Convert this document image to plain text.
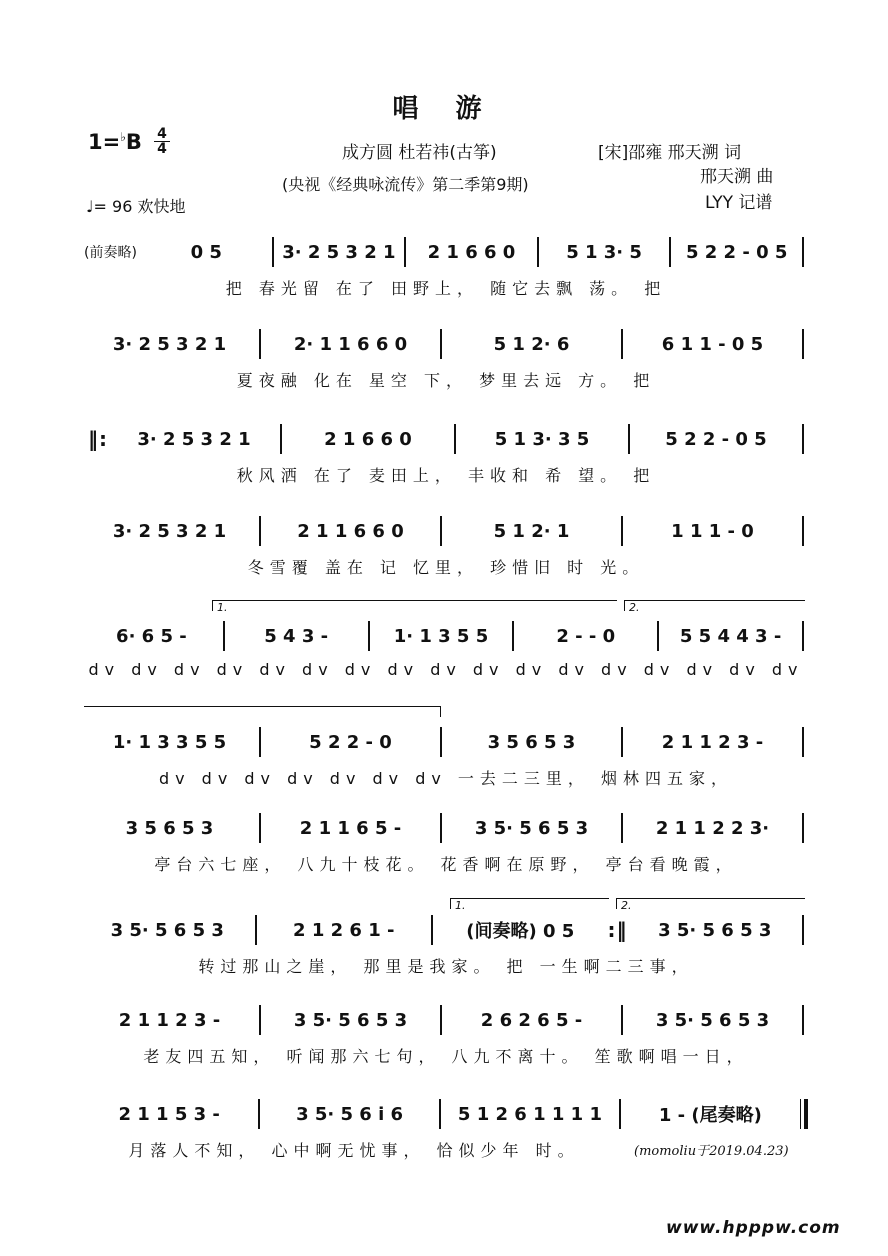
唱 游
$1=^♭B \frac{4}{4}$
♩= 96 欢快地
成方圆 杜若祎(古筝)
(央视《经典咏流传》第二季第9期)
[宋]邵雍 邢天溯 词
邢天溯 曲
LYY 记谱
(前奏略)	0 5	3· 2 5 3 2 1	2 1 6 6 0	5 1 3· 5	5 2 2 - 0 5
把 春光留 在了 田野上， 随它去飘 荡。 把
3· 2 5 3 2 1	2· 1 1 6 6 0	5 1 2· 6	6 1 1 - 0 5
夏夜融 化在 星空 下， 梦里去远 方。 把
‖:	3· 2 5 3 2 1	2 1 6 6 0	5 1 3· 3 5	5 2 2 - 0 5
秋风洒 在了 麦田上， 丰收和 希 望。 把
3· 2 5 3 2 1	2 1 1 6 6 0	5 1 2· 1	1 1 1 - 0
冬雪覆 盖在 记 忆里， 珍惜旧 时 光。
1.	2.
6· 6 5 -	5 4 3 -	1· 1 3 5 5	2 - - 0	5 5 4 4 3 -
dv dv dv dv dv dv dv dv dv dv dv dv dv dv dv dv dv
1· 1 3 3 5 5	5 2 2 - 0	3 5 6 5 3	2 1 1 2 3 -
dv dv dv dv dv dv dv 一去二三里， 烟林四五家，
3 5 6 5 3	2 1 1 6 5 -	3 5· 5 6 5 3	2 1 1 2 2 3·
亭台六七座， 八九十枝花。 花香啊在原野， 亭台看晚霞，
1.	2.
3 5· 5 6 5 3	2 1 2 6 1 -	(间奏略) 0 5	:‖	3 5· 5 6 5 3
转过那山之崖， 那里是我家。 把 一生啊二三事，
2 1 1 2 3 -	3 5· 5 6 5 3	2 6 2 6 5 -	3 5· 5 6 5 3
老友四五知， 听闻那六七句， 八九不离十。 笙歌啊唱一日，
2 1 1 5 3 -	3 5· 5 6 i 6	5 1 2 6 1 1 1 1	1 - (尾奏略)
月落人不知， 心中啊无忧事， 恰似少年 时。	(momoliu于2019.04.23)
www.hpppw.com
